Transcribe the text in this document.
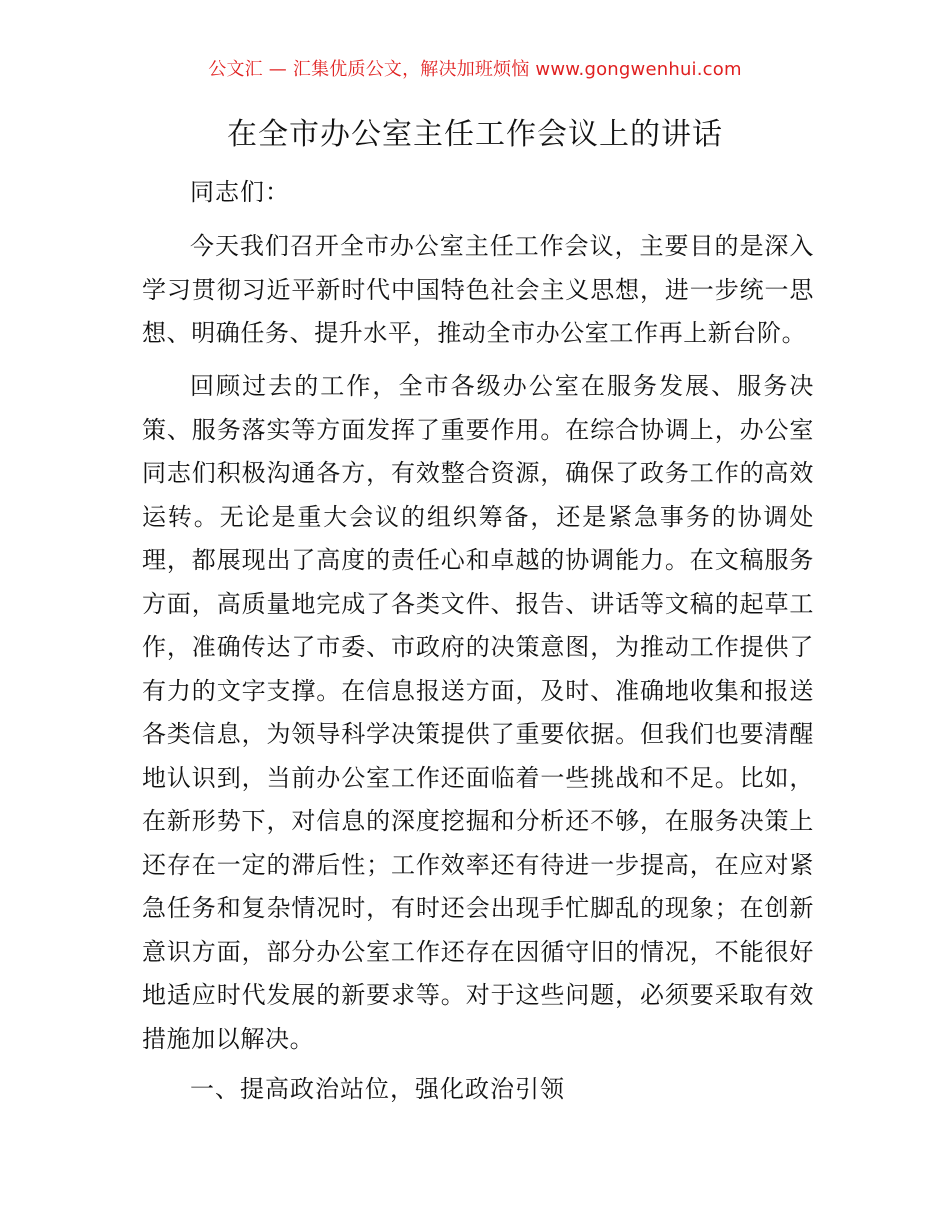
公文汇 — 汇集优质公文，解决加班烦恼 www.gongwenhui.com
在全市办公室主任工作会议上的讲话
同志们：

今天我们召开全市办公室主任工作会议，主要目的是深入学习贯彻习近平新时代中国特色社会主义思想，进一步统一思想、明确任务、提升水平，推动全市办公室工作再上新台阶。

回顾过去的工作，全市各级办公室在服务发展、服务决策、服务落实等方面发挥了重要作用。在综合协调上，办公室同志们积极沟通各方，有效整合资源，确保了政务工作的高效运转。无论是重大会议的组织筹备，还是紧急事务的协调处理，都展现出了高度的责任心和卓越的协调能力。在文稿服务方面，高质量地完成了各类文件、报告、讲话等文稿的起草工作，准确传达了市委、市政府的决策意图，为推动工作提供了有力的文字支撑。在信息报送方面，及时、准确地收集和报送各类信息，为领导科学决策提供了重要依据。但我们也要清醒地认识到，当前办公室工作还面临着一些挑战和不足。比如，在新形势下，对信息的深度挖掘和分析还不够，在服务决策上还存在一定的滞后性；工作效率还有待进一步提高，在应对紧急任务和复杂情况时，有时还会出现手忙脚乱的现象；在创新意识方面，部分办公室工作还存在因循守旧的情况，不能很好地适应时代发展的新要求等。对于这些问题，必须要采取有效措施加以解决。

一、提高政治站位，强化政治引领
